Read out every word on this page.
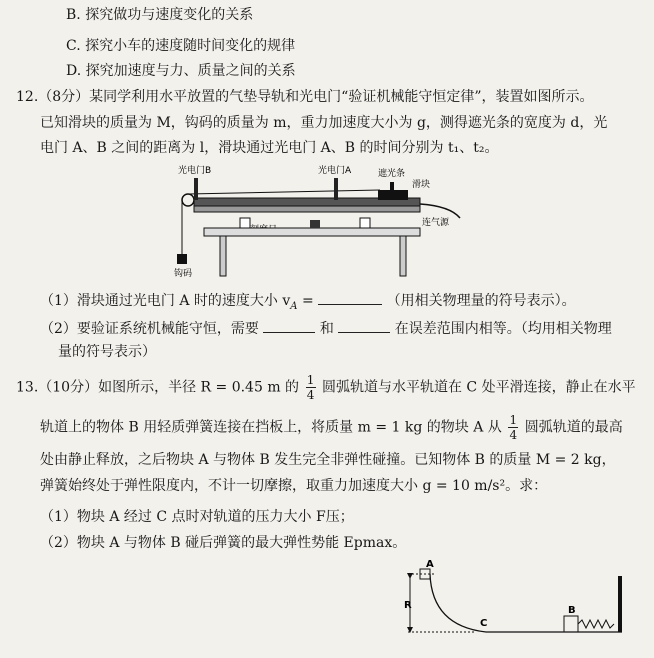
B. 探究做功与速度变化的关系
C. 探究小车的速度随时间变化的规律
D. 探究加速度与力、质量之间的关系
12.（8分）某同学利用水平放置的气垫导轨和光电门“验证机械能守恒定律”，装置如图所示。
已知滑块的质量为 M，钩码的质量为 m，重力加速度大小为 g，测得遮光条的宽度为 d，光
电门 A、B 之间的距离为 l，滑块通过光电门 A、B 的时间分别为 t₁、t₂。
光电门B	光电门A	遮光条
滑块
连气源
钩码
（1）滑块通过光电门 A 时的速度大小 $v_A$ =	（用相关物理量的符号表示）。
（2）要验证系统机械能守恒，需要	和	在误差范围内相等。（均用相关物理
量的符号表示）
13.（10分）如图所示，半径 R = 0.45 m 的 $\frac{1}{4}$ 圆弧轨道与水平轨道在 C 处平滑连接，静止在水平
轨道上的物体 B 用轻质弹簧连接在挡板上，将质量 m = 1 kg 的物块 A 从 $\frac{1}{4}$ 圆弧轨道的最高
处由静止释放，之后物块 A 与物体 B 发生完全非弹性碰撞。已知物体 B 的质量 M = 2 kg，
弹簧始终处于弹性限度内，不计一切摩擦，取重力加速度大小 g = 10 m/s²。求：
（1）物块 A 经过 C 点时对轨道的压力大小 F压；
（2）物块 A 与物体 B 碰后弹簧的最大弹性势能 Epmax。
A
R
C
B
